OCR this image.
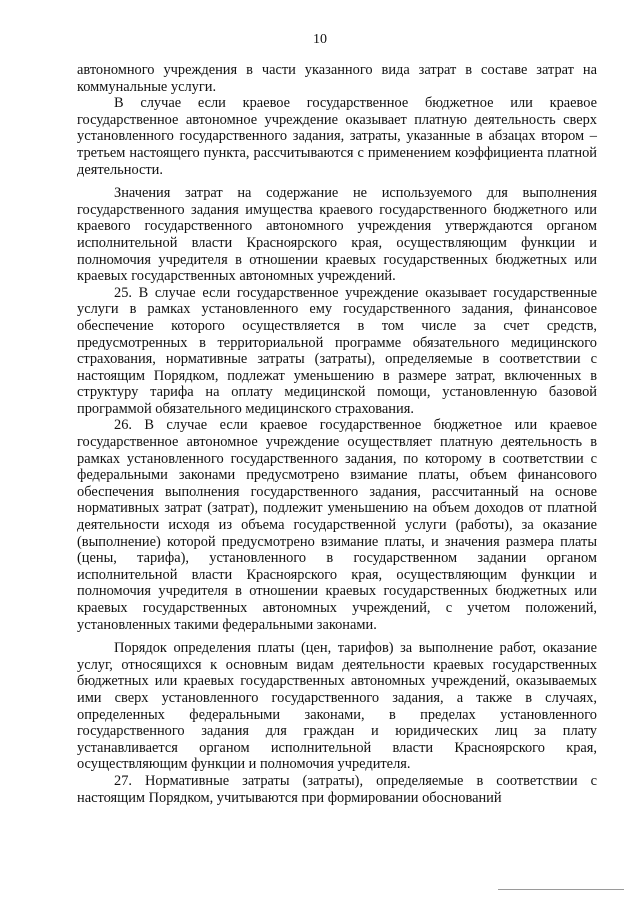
10

автономного учреждения в части указанного вида затрат в составе затрат на коммунальные услуги.

В случае если краевое государственное бюджетное или краевое государственное автономное учреждение оказывает платную деятельность сверх установленного государственного задания, затраты, указанные в абзацах втором – третьем настоящего пункта, рассчитываются с применением коэффициента платной деятельности.

Значения затрат на содержание не используемого для выполнения государственного задания имущества краевого государственного бюджетного или краевого государственного автономного учреждения утверждаются органом исполнительной власти Красноярского края, осуществляющим функции и полномочия учредителя в отношении краевых государственных бюджетных или краевых государственных автономных учреждений.

25. В случае если государственное учреждение оказывает государственные услуги в рамках установленного ему государственного задания, финансовое обеспечение которого осуществляется в том числе за счет средств, предусмотренных в территориальной программе обязательного медицинского страхования, нормативные затраты (затраты), определяемые в соответствии с настоящим Порядком, подлежат уменьшению в размере затрат, включенных в структуру тарифа на оплату медицинской помощи, установленную базовой программой обязательного медицинского страхования.

26. В случае если краевое государственное бюджетное или краевое государственное автономное учреждение осуществляет платную деятельность в рамках установленного государственного задания, по которому в соответствии с федеральными законами предусмотрено взимание платы, объем финансового обеспечения выполнения государственного задания, рассчитанный на основе нормативных затрат (затрат), подлежит уменьшению на объем доходов от платной деятельности исходя из объема государственной услуги (работы), за оказание (выполнение) которой предусмотрено взимание платы, и значения размера платы (цены, тарифа), установленного в государственном задании органом исполнительной власти Красноярского края, осуществляющим функции и полномочия учредителя в отношении краевых государственных бюджетных или краевых государственных автономных учреждений, с учетом положений, установленных такими федеральными законами.

Порядок определения платы (цен, тарифов) за выполнение работ, оказание услуг, относящихся к основным видам деятельности краевых государственных бюджетных или краевых государственных автономных учреждений, оказываемых ими сверх установленного государственного задания, а также в случаях, определенных федеральными законами, в пределах установленного государственного задания для граждан и юридических лиц за плату устанавливается органом исполнительной власти Красноярского края, осуществляющим функции и полномочия учредителя.

27. Нормативные затраты (затраты), определяемые в соответствии с настоящим Порядком, учитываются при формировании обоснований
